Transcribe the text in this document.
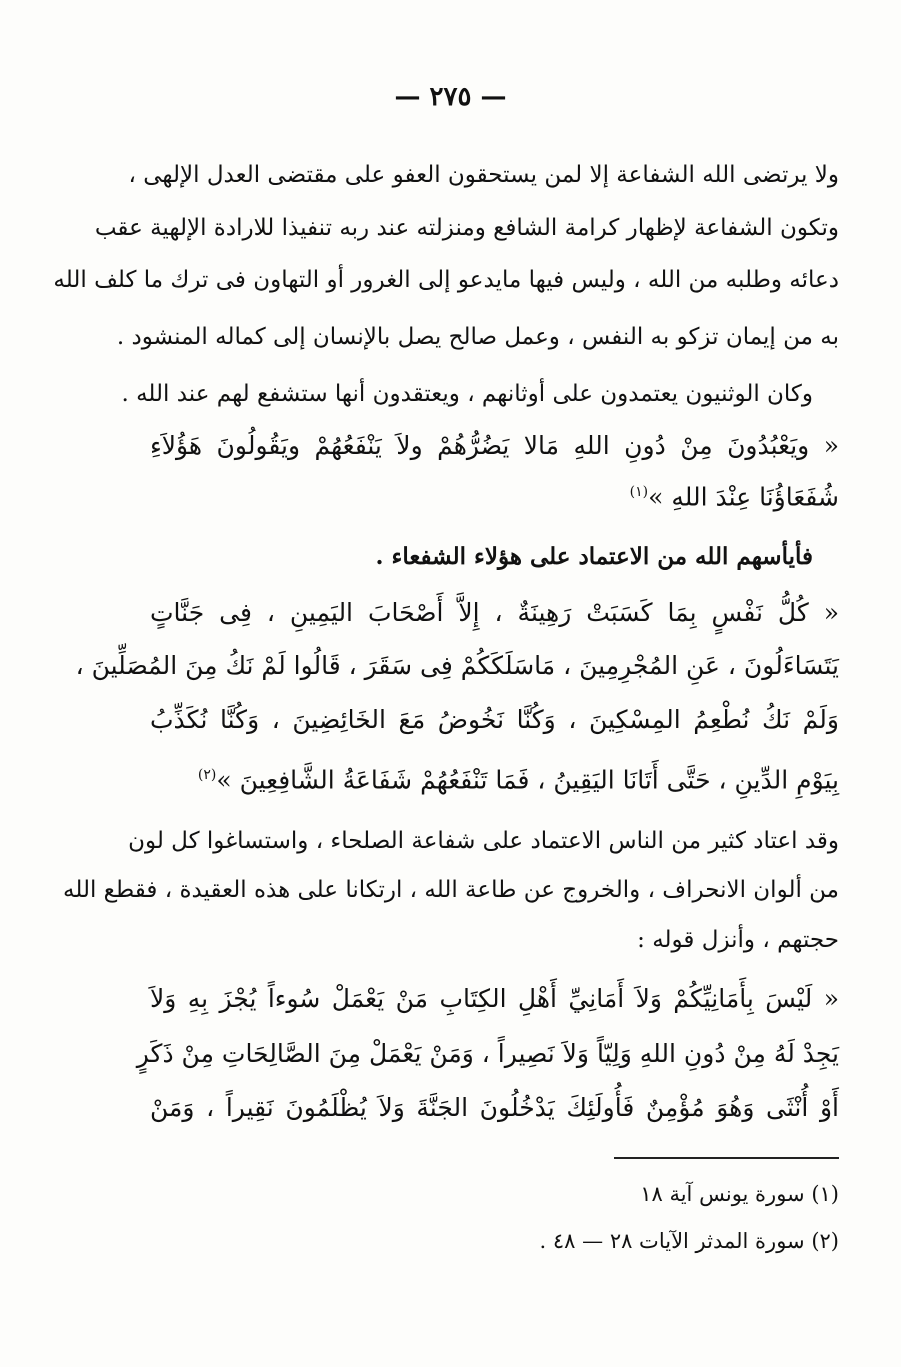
— ٢٧٥ —
ولا يرتضى الله الشفاعة إلا لمن يستحقون العفو على مقتضى العدل الإلهى ،
وتكون الشفاعة لإظهار كرامة الشافع ومنزلته عند ربه تنفيذا للارادة الإلهية عقب
دعائه وطلبه من الله ، وليس فيها مايدعو إلى الغرور أو التهاون فى ترك ما كلف الله
به من إيمان تزكو به النفس ، وعمل صالح يصل بالإنسان إلى كماله المنشود .
وكان الوثنيون يعتمدون على أوثانهم ، ويعتقدون أنها ستشفع لهم عند الله .
« ويَعْبُدُونَ مِنْ دُونِ اللهِ مَالا يَضُرُّهُمْ ولاَ يَنْفَعُهُمْ ويَقُولُونَ هَؤُلاَءِ
شُفَعَاؤُنَا عِنْدَ اللهِ »$^{(١)}$
فأيأسهم الله من الاعتماد على هؤلاء الشفعاء .
« كُلُّ نَفْسٍ بِمَا كَسَبَتْ رَهِينَةٌ ، إِلاَّ أَصْحَابَ اليَمِينِ ، فِى جَنَّاتٍ
يَتَسَاءَلُونَ ، عَنِ المُجْرِمِينَ ، مَاسَلَكَكُمْ فِى سَقَرَ ، قَالُوا لَمْ نَكُ مِنَ المُصَلِّينَ ،
وَلَمْ نَكُ نُطْعِمُ المِسْكِينَ ، وَكُنَّا نَخُوضُ مَعَ الخَائِضِينَ ، وَكُنَّا نُكَذِّبُ
بِيَوْمِ الدِّينِ ، حَتَّى أَتَانَا اليَقِينُ ، فَمَا تَنْفَعُهُمْ شَفَاعَةُ الشَّافِعِينَ »$^{(٢)}$
وقد اعتاد كثير من الناس الاعتماد على شفاعة الصلحاء ، واستساغوا كل لون
من ألوان الانحراف ، والخروج عن طاعة الله ، ارتكانا على هذه العقيدة ، فقطع الله
حجتهم ، وأنزل قوله :
« لَيْسَ بِأَمَانِيِّكُمْ وَلاَ أَمَانِيِّ أَهْلِ الكِتَابِ مَنْ يَعْمَلْ سُوءاً يُجْزَ بِهِ وَلاَ
يَجِدْ لَهُ مِنْ دُونِ اللهِ وَلِيّاً وَلاَ نَصِيراً ، وَمَنْ يَعْمَلْ مِنَ الصَّالِحَاتِ مِنْ ذَكَرٍ
أَوْ أُنْثَى وَهُوَ مُؤْمِنٌ فَأُولَئِكَ يَدْخُلُونَ الجَنَّةَ وَلاَ يُظْلَمُونَ نَقِيراً ، وَمَنْ
(١) سورة يونس آية ١٨
(٢) سورة المدثر الآيات ٢٨ — ٤٨ .
